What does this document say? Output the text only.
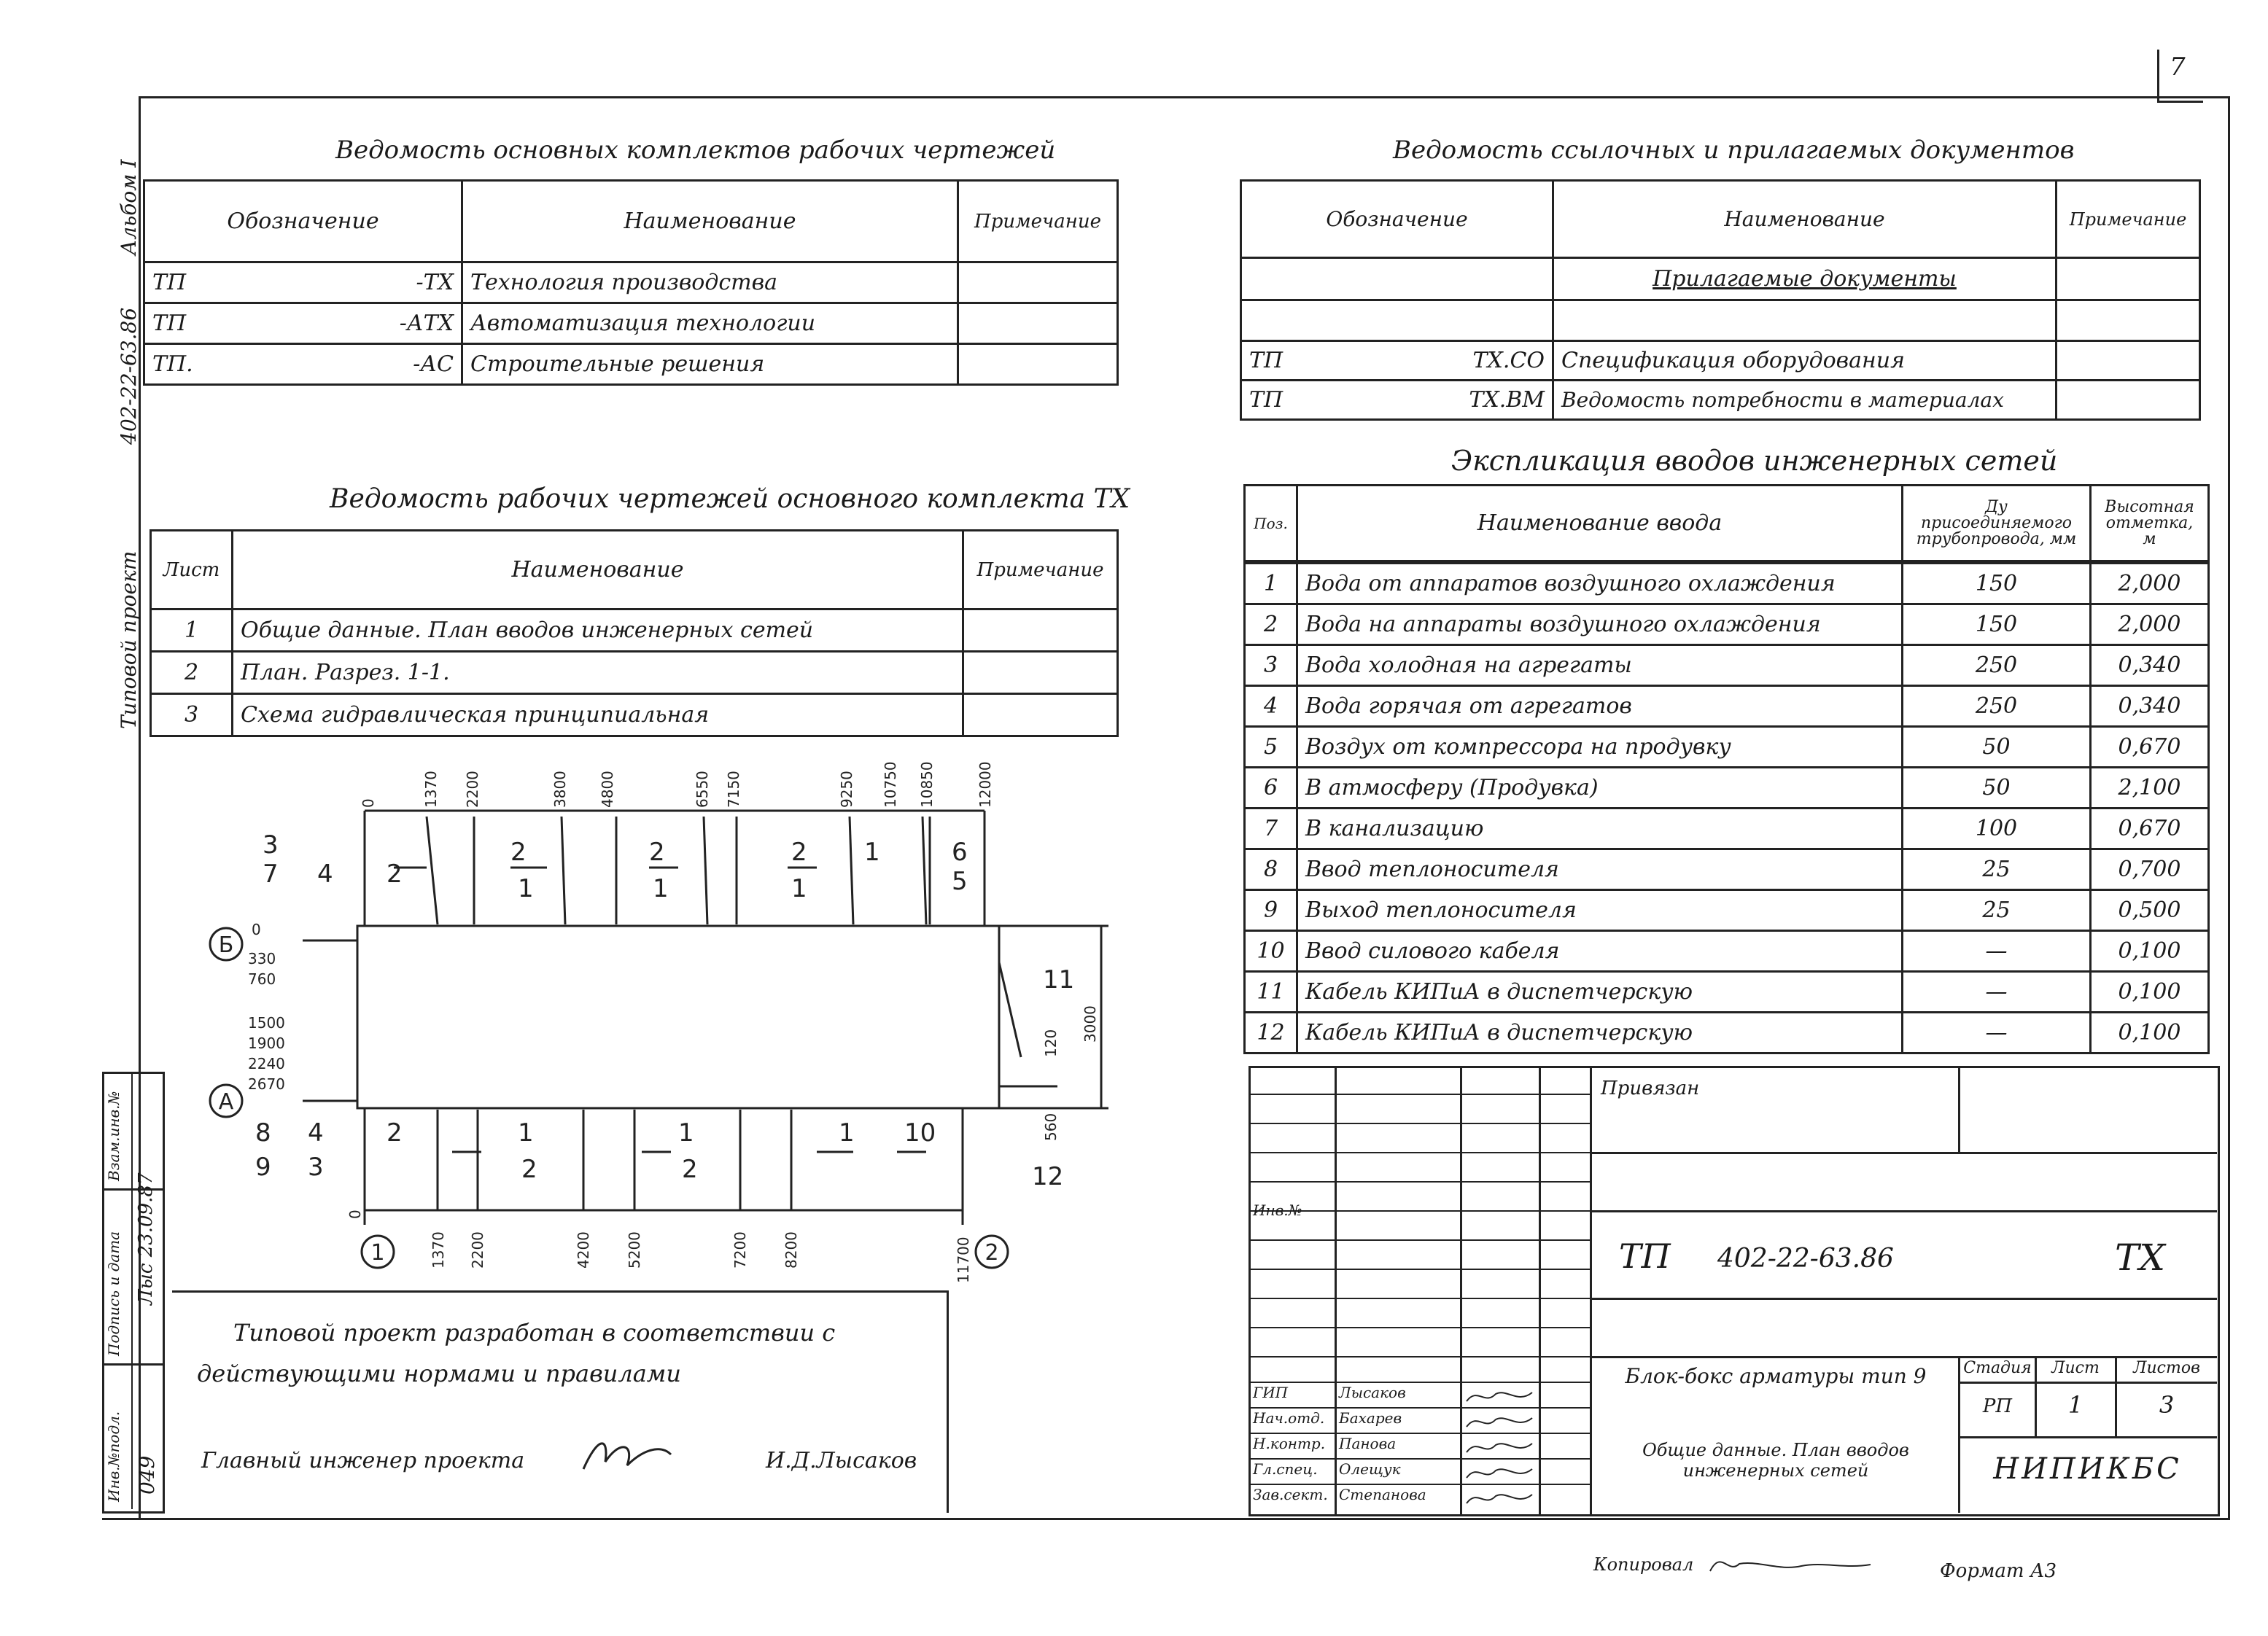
7
Альбом I
402-22-63.86
Типовой проект
Взам.инв.№
Подпись и дата
Инв.№подл.
Лыс 23.09.87
049
Ведомость основных комплектов рабочих чертежей
Обозначение	Наименование	Примечание
ТП -ТХ	Технология производства	
ТП -АТХ	Автоматизация технологии	
ТП. -АС	Строительные решения	
Ведомость рабочих чертежей основного комплекта ТХ
Лист	Наименование	Примечание
1	Общие данные. План вводов инженерных сетей	
2	План. Разрез. 1-1.	
3	Схема гидравлическая принципиальная	
Ведомость ссылочных и прилагаемых документов
Обозначение	Наименование	Примечание
	Прилагаемые документы	

ТП ТХ.СО	Спецификация оборудования	
ТП ТХ.ВМ	Ведомость потребности в материалах	
Экспликация вводов инженерных сетей
Поз.	Наименование ввода	Ду присоединяемого трубопровода, мм	Высотная отметка, м
1	Вода от аппаратов воздушного охлаждения	150	2,000
2	Вода на аппараты воздушного охлаждения	150	2,000
3	Вода холодная на агрегаты	250	0,340
4	Вода горячая от агрегатов	250	0,340
5	Воздух от компрессора на продувку	50	0,670
6	В атмосферу (Продувка)	50	2,100
7	В канализацию	100	0,670
8	Ввод теплоносителя	25	0,700
9	Выход теплоносителя	25	0,500
10	Ввод силового кабеля	—	0,100
11	Кабель КИПиА в диспетчерскую	—	0,100
12	Кабель КИПиА в диспетчерскую	—	0,100
0	1370 2200	3800 4800	6550 7150	9250 10750 10850	12000
0
1370 2200	4200 5200	7200 8200	11700
0
330
760
1500
1900
2240
2670
3000
120
560
Б
А
1	2
2	1
2
1
2
1
2 1	6
5
3
7 4
2	1
2
1
2
1 10
8 4
9 3
11
12
Типовой проект разработан в соответствии с действующими нормами и правилами
Главный инженер проекта	И.Д.Лысаков
Привязан
Инв.№
ТП 402-22-63.86	ТХ
Блок-бокс арматуры тип 9
Общие данные. План вводов инженерных сетей
Стадия	Лист	Листов
РП	1	3
НИПИКБС
ГИП	Лысаков
Нач.отд. Бахарев
Н.контр. Панова
Гл.спец.	Олещук
Зав.сект. Степанова
Копировал	Формат А3
